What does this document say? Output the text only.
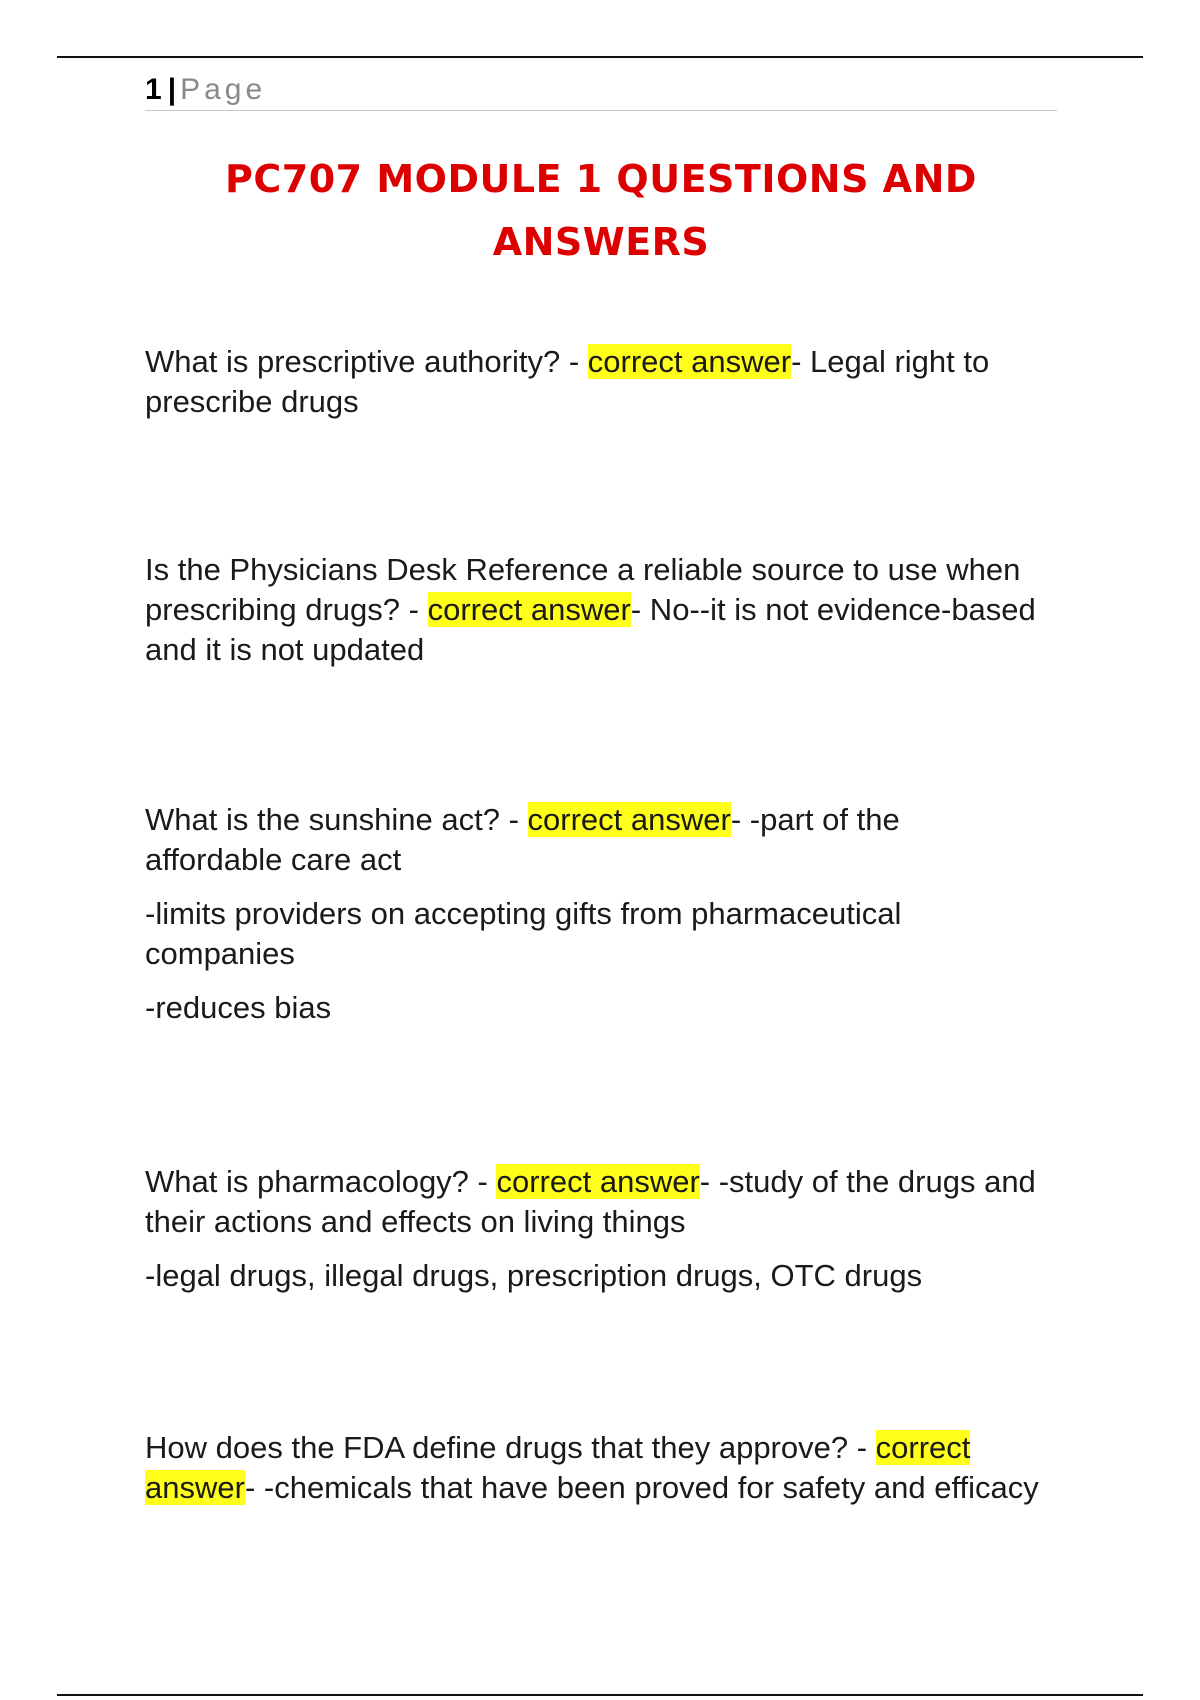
1 | Page
PC707 MODULE 1 QUESTIONS AND ANSWERS

What is prescriptive authority? - correct answer- Legal right to prescribe drugs

Is the Physicians Desk Reference a reliable source to use when prescribing drugs? - correct answer- No--it is not evidence-based and it is not updated

What is the sunshine act? - correct answer- -part of the affordable care act

-limits providers on accepting gifts from pharmaceutical companies

-reduces bias

What is pharmacology? - correct answer- -study of the drugs and their actions and effects on living things

-legal drugs, illegal drugs, prescription drugs, OTC drugs

How does the FDA define drugs that they approve? - correct answer- -chemicals that have been proved for safety and efficacy
